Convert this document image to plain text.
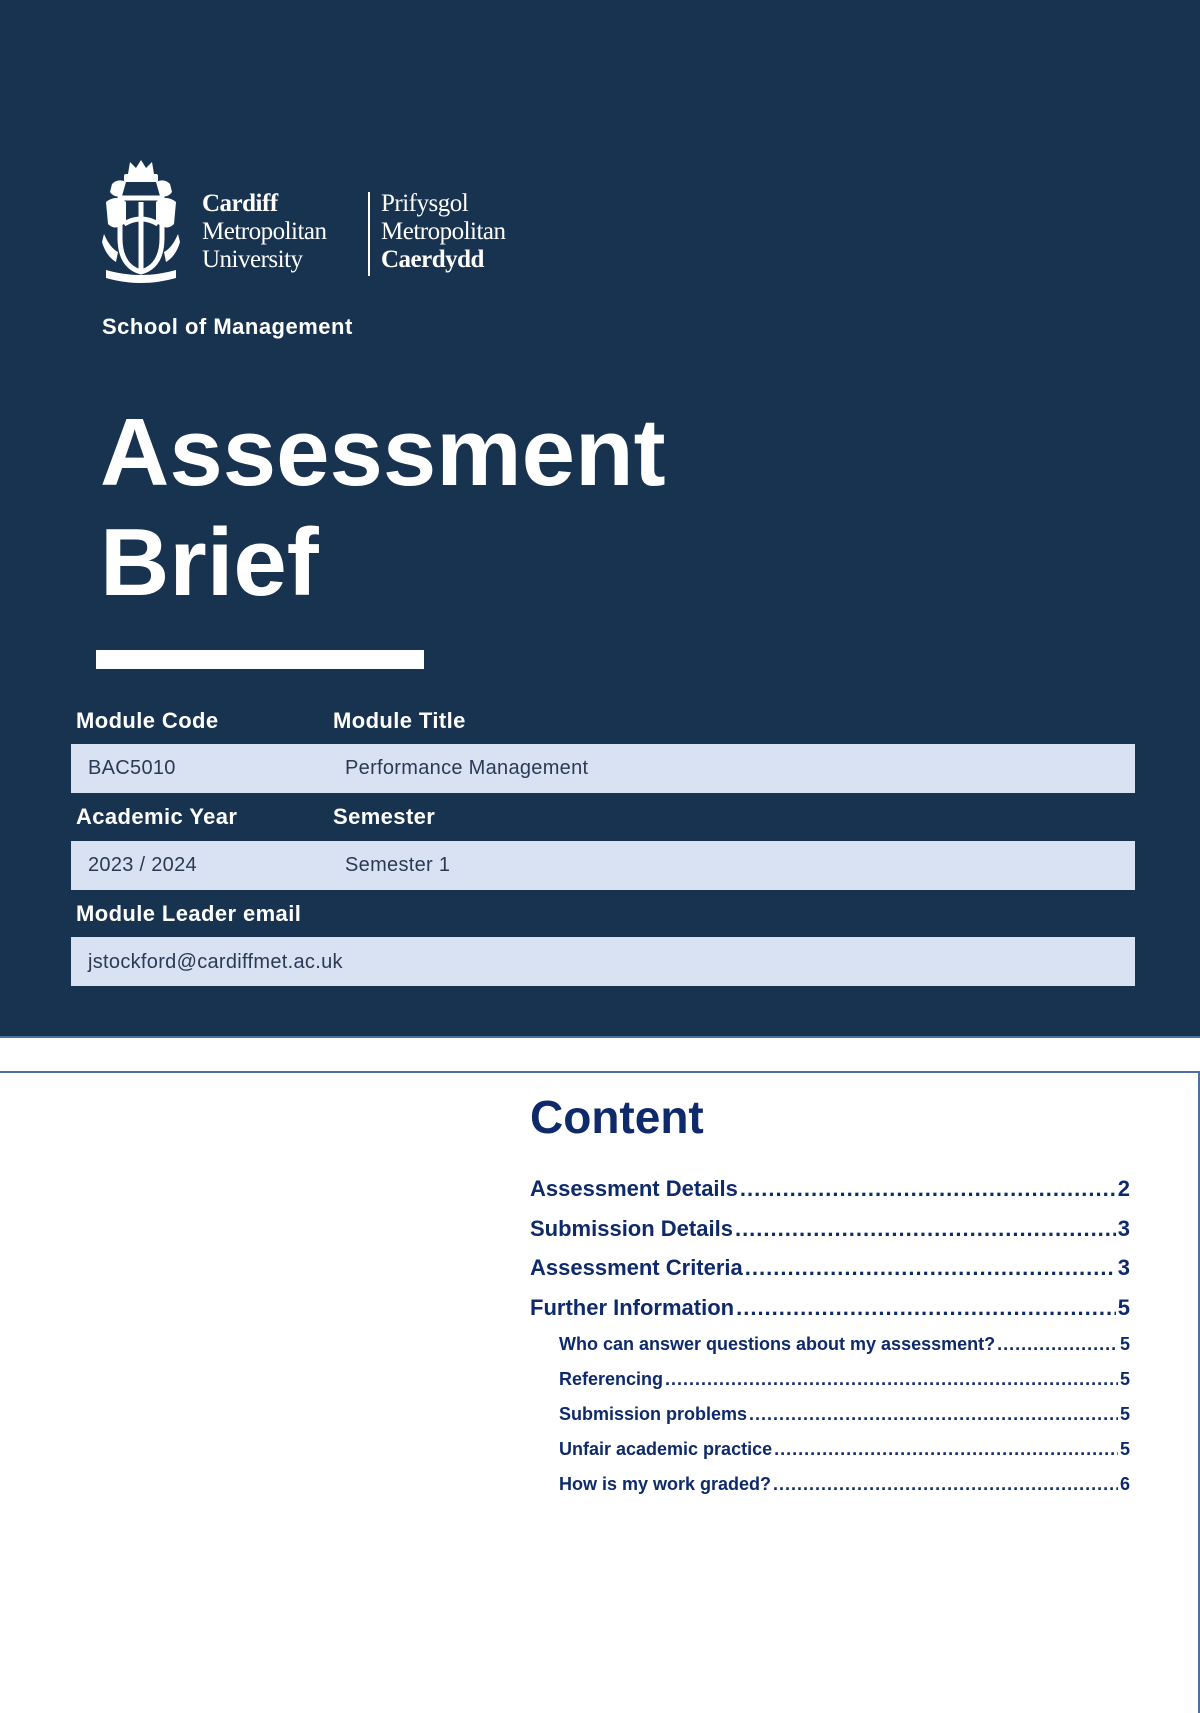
Cardiff
Metropolitan
University
Prifysgol
Metropolitan
Caerdydd
School of Management
Assessment
Brief
Module Code	Module Title
BAC5010	Performance Management
Academic Year	Semester
2023 / 2024	Semester 1
Module Leader email
jstockford@cardiffmet.ac.uk
Content
Assessment Details .....	2
Submission Details .....	3
Assessment Criteria .....	3
Further Information .....	5
Who can answer questions about my assessment? .....	5
Referencing .....	5
Submission problems .....	5
Unfair academic practice .....	5
How is my work graded? .....	6
